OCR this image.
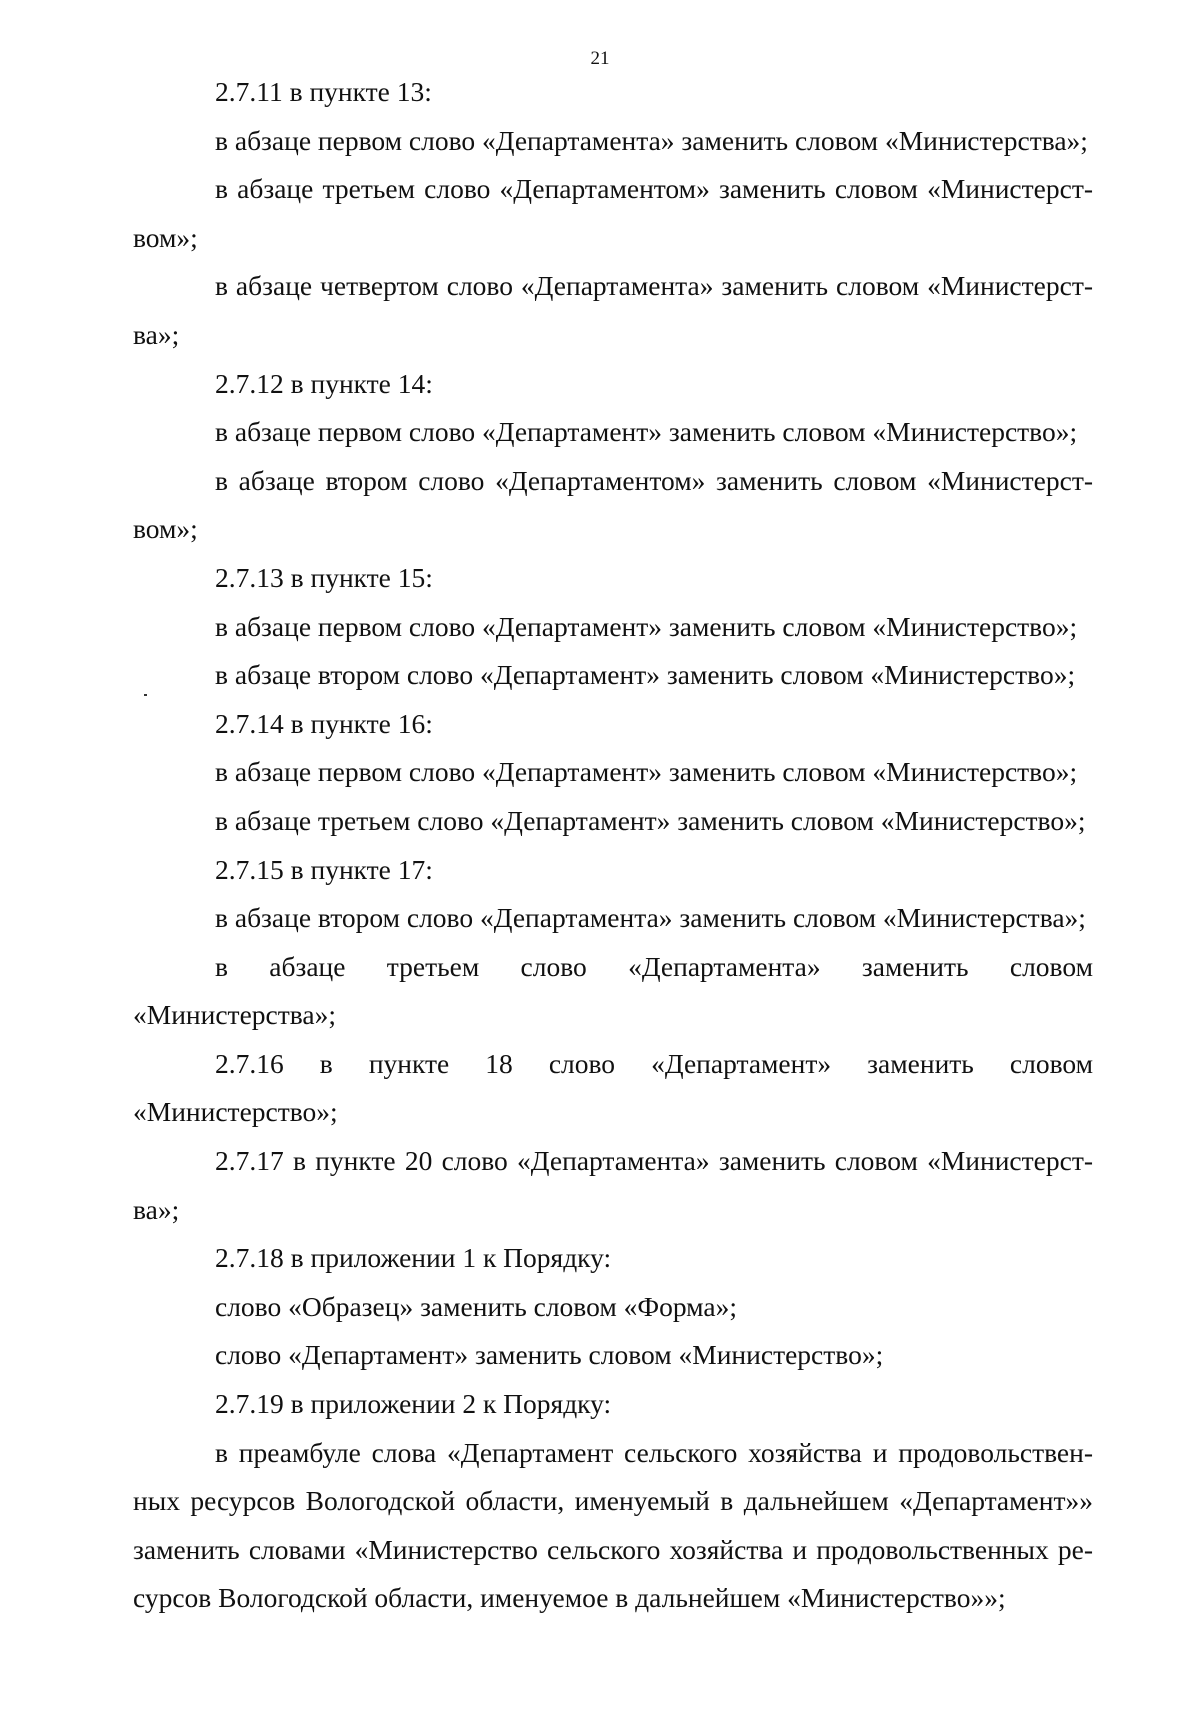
21

2.7.11 в пункте 13:

в абзаце первом слово «Департамента» заменить словом «Министерства»;

в абзаце третьем слово «Департаментом» заменить словом «Министерст-

вом»;

в абзаце четвертом слово «Департамента» заменить словом «Министерст-

ва»;

2.7.12 в пункте 14:

в абзаце первом слово «Департамент» заменить словом «Министерство»;

в абзаце втором слово «Департаментом» заменить словом «Министерст-

вом»;

2.7.13 в пункте 15:

в абзаце первом слово «Департамент» заменить словом «Министерство»;

в абзаце втором слово «Департамент» заменить словом «Министерство»;

2.7.14 в пункте 16:

в абзаце первом слово «Департамент» заменить словом «Министерство»;

в абзаце третьем слово «Департамент» заменить словом «Министерство»;

2.7.15 в пункте 17:

в абзаце втором слово «Департамента» заменить словом «Министерства»;

в абзаце третьем слово «Департамента» заменить словом «Министерства»;

2.7.16 в пункте 18 слово «Департамент» заменить словом «Министерство»;

2.7.17 в пункте 20 слово «Департамента» заменить словом «Министерст-

ва»;

2.7.18 в приложении 1 к Порядку:

слово «Образец» заменить словом «Форма»;

слово «Департамент» заменить словом «Министерство»;

2.7.19 в приложении 2 к Порядку:

в преамбуле слова «Департамент сельского хозяйства и продовольствен- ных ресурсов Вологодской области, именуемый в дальнейшем «Департамент»» заменить словами «Министерство сельского хозяйства и продовольственных ре- сурсов Вологодской области, именуемое в дальнейшем «Министерство»»;
